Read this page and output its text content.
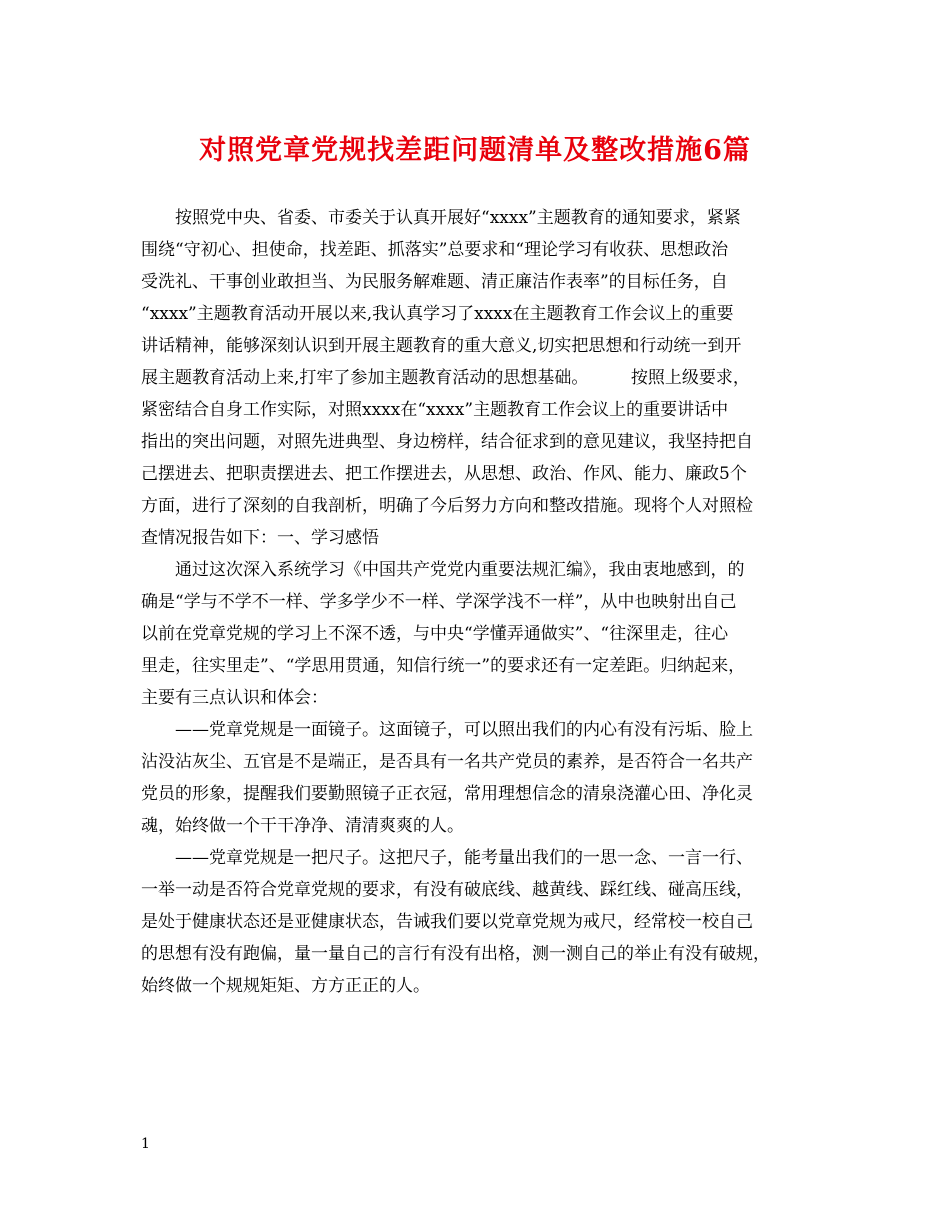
对照党章党规找差距问题清单及整改措施6篇
按照党中央、省委、市委关于认真开展好“xxxx”主题教育的通知要求，紧紧
围绕“守初心、担使命，找差距、抓落实”总要求和“理论学习有收获、思想政治
受洗礼、干事创业敢担当、为民服务解难题、清正廉洁作表率”的目标任务，自
“xxxx”主题教育活动开展以来,我认真学习了xxxx在主题教育工作会议上的重要
讲话精神，能够深刻认识到开展主题教育的重大意义,切实把思想和行动统一到开
展主题教育活动上来,打牢了参加主题教育活动的思想基础。　　　按照上级要求，
紧密结合自身工作实际，对照xxxx在“xxxx”主题教育工作会议上的重要讲话中
指出的突出问题，对照先进典型、身边榜样，结合征求到的意见建议，我坚持把自
己摆进去、把职责摆进去、把工作摆进去，从思想、政治、作风、能力、廉政5个
方面，进行了深刻的自我剖析，明确了今后努力方向和整改措施。现将个人对照检
查情况报告如下：一、学习感悟
通过这次深入系统学习《中国共产党党内重要法规汇编》，我由衷地感到，的
确是“学与不学不一样、学多学少不一样、学深学浅不一样”，从中也映射出自己
以前在党章党规的学习上不深不透，与中央“学懂弄通做实”、“往深里走，往心
里走，往实里走”、“学思用贯通，知信行统一”的要求还有一定差距。归纳起来，
主要有三点认识和体会：
——党章党规是一面镜子。这面镜子，可以照出我们的内心有没有污垢、脸上
沾没沾灰尘、五官是不是端正，是否具有一名共产党员的素养，是否符合一名共产
党员的形象，提醒我们要勤照镜子正衣冠，常用理想信念的清泉浇灌心田、净化灵
魂，始终做一个干干净净、清清爽爽的人。
——党章党规是一把尺子。这把尺子，能考量出我们的一思一念、一言一行、
一举一动是否符合党章党规的要求，有没有破底线、越黄线、踩红线、碰高压线，
是处于健康状态还是亚健康状态，告诫我们要以党章党规为戒尺，经常校一校自己
的思想有没有跑偏，量一量自己的言行有没有出格，测一测自己的举止有没有破规，
始终做一个规规矩矩、方方正正的人。
1
